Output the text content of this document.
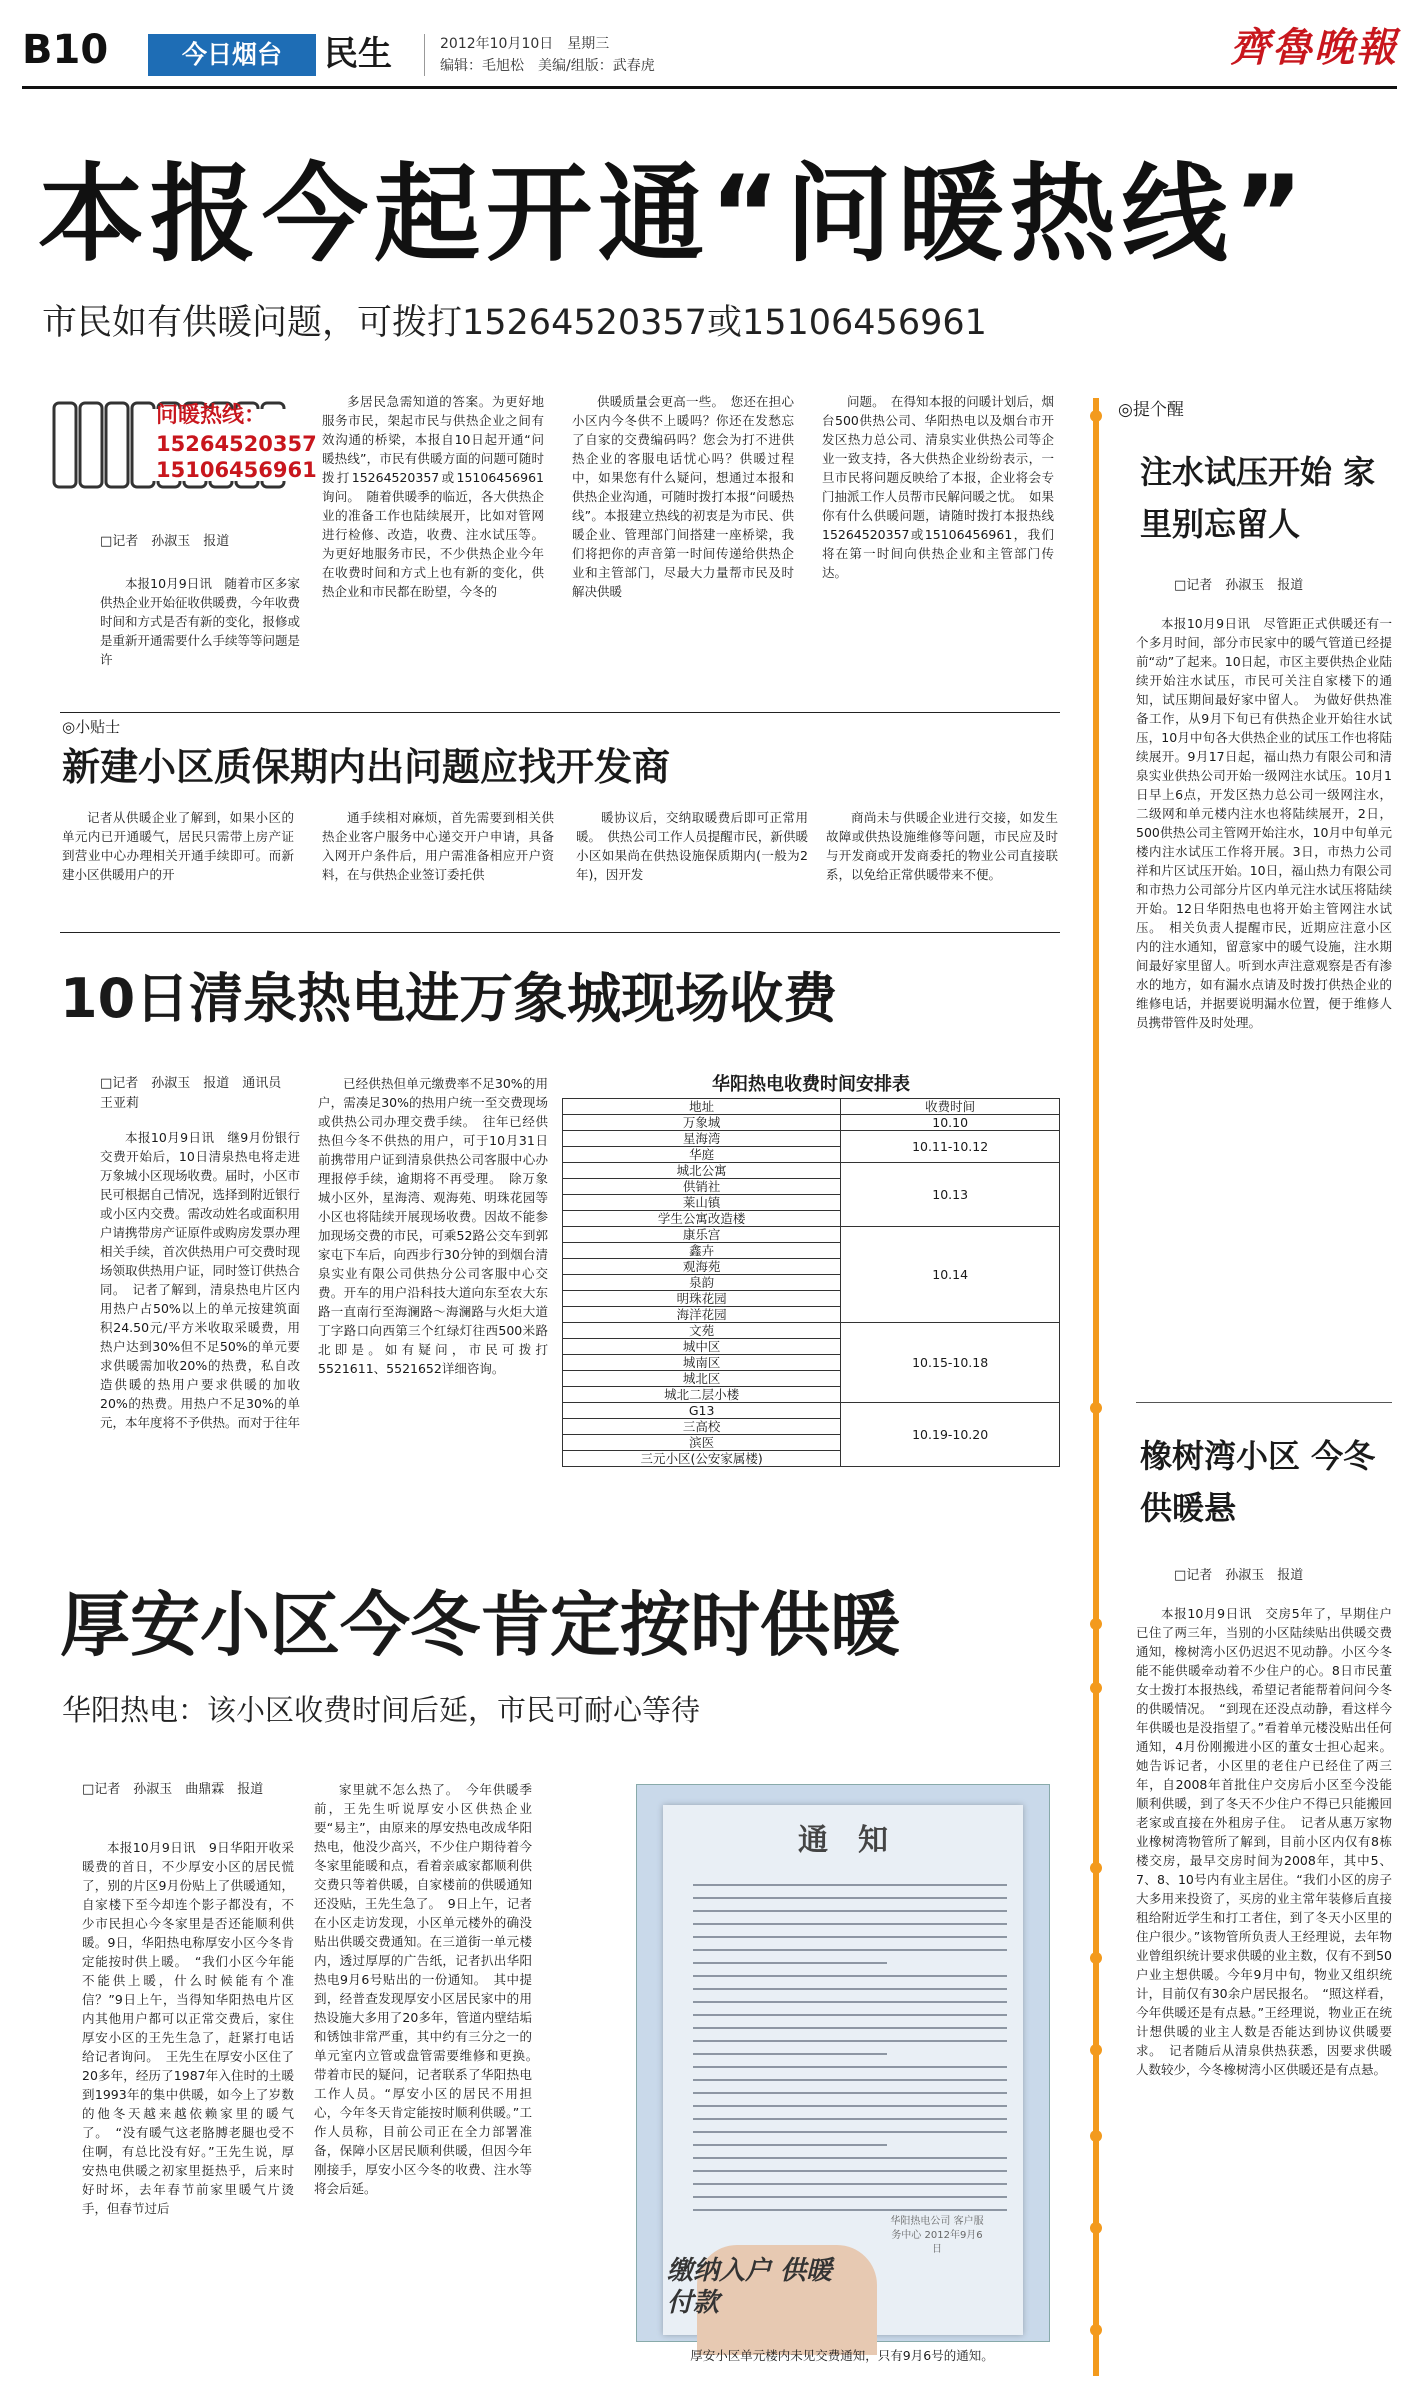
B10	今日烟台	民生	2012年10月10日　星期三
编辑：毛旭松　美编/组版：武春虎	齊魯晚報
本报今起开通“问暖热线”
市民如有供暖问题，可拨打15264520357或15106456961
问暖热线：
15264520357
15106456961
□记者　孙淑玉　报道

本报10月9日讯　随着市区多家供热企业开始征收供暖费，今年收费时间和方式是否有新的变化，报修或是重新开通需要什么手续等等问题是许

多居民急需知道的答案。为更好地服务市民，架起市民与供热企业之间有效沟通的桥梁，本报自10日起开通“问暖热线”，市民有供暖方面的问题可随时拨打15264520357或15106456961询问。　随着供暖季的临近，各大供热企业的准备工作也陆续展开，比如对管网进行检修、改造，收费、注水试压等。为更好地服务市民，不少供热企业今年在收费时间和方式上也有新的变化，供热企业和市民都在盼望，今冬的

供暖质量会更高一些。　您还在担心小区内今冬供不上暖吗？你还在发愁忘了自家的交费编码吗？您会为打不进供热企业的客服电话忧心吗？供暖过程中，如果您有什么疑问，想通过本报和供热企业沟通，可随时拨打本报“问暖热线”。本报建立热线的初衷是为市民、供暖企业、管理部门间搭建一座桥梁，我们将把你的声音第一时间传递给供热企业和主管部门，尽最大力量帮市民及时解决供暖

问题。　在得知本报的问暖计划后，烟台500供热公司、华阳热电以及烟台市开发区热力总公司、清泉实业供热公司等企业一致支持，各大供热企业纷纷表示，一旦市民将问题反映给了本报，企业将会专门抽派工作人员帮市民解问暖之忧。　如果你有什么供暖问题，请随时拨打本报热线15264520357或15106456961，我们将在第一时间向供热企业和主管部门传达。

◎小贴士
新建小区质保期内出问题应找开发商

记者从供暖企业了解到，如果小区的单元内已开通暖气，居民只需带上房产证到营业中心办理相关开通手续即可。而新建小区供暖用户的开

通手续相对麻烦，首先需要到相关供热企业客户服务中心递交开户申请，具备入网开户条件后，用户需准备相应开户资料，在与供热企业签订委托供

暖协议后，交纳取暖费后即可正常用暖。　供热公司工作人员提醒市民，新供暖小区如果尚在供热设施保质期内(一般为2年)，因开发

商尚未与供暖企业进行交接，如发生故障或供热设施维修等问题，市民应及时与开发商或开发商委托的物业公司直接联系，以免给正常供暖带来不便。

10日清泉热电进万象城现场收费
□记者　孙淑玉　报道　通讯员　王亚莉

本报10月9日讯　继9月份银行交费开始后，10日清泉热电将走进万象城小区现场收费。届时，小区市民可根据自己情况，选择到附近银行或小区内交费。需改动姓名或面积用户请携带房产证原件或购房发票办理相关手续，首次供热用户可交费时现场领取供热用户证，同时签订供热合同。　记者了解到，清泉热电片区内用热户占50%以上的单元按建筑面积24.50元/平方米收取采暖费，用热户达到30%但不足50%的单元要求供暖需加收20%的热费，私自改造供暖的热用户要求供暖的加收20%的热费。用热户不足30%的单元，本年度将不予供热。而对于往年

已经供热但单元缴费率不足30%的用户，需凑足30%的热用户统一至交费现场或供热公司办理交费手续。　往年已经供热但今冬不供热的用户，可于10月31日前携带用户证到清泉供热公司客服中心办理报停手续，逾期将不再受理。　除万象城小区外，星海湾、观海苑、明珠花园等小区也将陆续开展现场收费。因故不能参加现场交费的市民，可乘52路公交车到郭家屯下车后，向西步行30分钟的到烟台清泉实业有限公司供热分公司客服中心交费。开车的用户沿科技大道向东至农大东路一直南行至海澜路～海澜路与火炬大道丁字路口向西第三个红绿灯往西500米路北即是。如有疑问，市民可拨打5521611、5521652详细咨询。

华阳热电收费时间安排表
地址	收费时间
万象城	10.10
星海湾	10.11-10.12
华庭	
城北公寓	10.13
供销社	
莱山镇	
学生公寓改造楼	
康乐宫	10.14
鑫卉	
观海苑	
泉韵	
明珠花园	
海洋花园	
文苑	10.15-10.18
城中区	
城南区	
城北区	
城北二层小楼	
G13	10.19-10.20
三高校	
滨医	
三元小区(公安家属楼)	
厚安小区今冬肯定按时供暖
华阳热电：该小区收费时间后延，市民可耐心等待
□记者　孙淑玉　曲鼎霖　报道

本报10月9日讯　9日华阳开收采暖费的首日，不少厚安小区的居民慌了，别的片区9月份贴上了供暖通知，自家楼下至今却连个影子都没有，不少市民担心今冬家里是否还能顺利供暖。9日，华阳热电称厚安小区今冬肯定能按时供上暖。　“我们小区今年能不能供上暖，什么时候能有个准信？”9日上午，当得知华阳热电片区内其他用户都可以正常交费后，家住厚安小区的王先生急了，赶紧打电话给记者询问。　王先生在厚安小区住了20多年，经历了1987年入住时的土暖到1993年的集中供暖，如今上了岁数的他冬天越来越依赖家里的暖气了。　“没有暖气这老胳膊老腿也受不住啊，有总比没有好。”王先生说，厚安热电供暖之初家里挺热乎，后来时好时坏，去年春节前家里暖气片烫手，但春节过后

家里就不怎么热了。　今年供暖季前，王先生听说厚安小区供热企业要“易主”，由原来的厚安热电改成华阳热电，他没少高兴，不少住户期待着今冬家里能暖和点，看着亲戚家都顺利供交费只等着供暖，自家楼前的供暖通知还没贴，王先生急了。　9日上午，记者在小区走访发现，小区单元楼外的确没贴出供暖交费通知。在三道街一单元楼内，透过厚厚的广告纸，记者扒出华阳热电9月6号贴出的一份通知。　其中提到，经普查发现厚安小区居民家中的用热设施大多用了20多年，管道内壁结垢和锈蚀非常严重，其中约有三分之一的单元室内立管或盘管需要维修和更换。　带着市民的疑问，记者联系了华阳热电工作人员。“厚安小区的居民不用担心，今年冬天肯定能按时顺利供暖。”工作人员称，目前公司正在全力部署准备，保障小区居民顺利供暖，但因今年刚接手，厚安小区今冬的收费、注水等将会后延。

通　知
华阳热电公司 客户服务中心 2012年9月6日
缴纳入户 供暖付款
厚安小区单元楼内未见交费通知，只有9月6号的通知。
◎提个醒
注水试压开始 家里别忘留人
□记者　孙淑玉　报道

本报10月9日讯　尽管距正式供暖还有一个多月时间，部分市民家中的暖气管道已经提前“动”了起来。10日起，市区主要供热企业陆续开始注水试压，市民可关注自家楼下的通知，试压期间最好家中留人。　为做好供热准备工作，从9月下旬已有供热企业开始往水试压，10月中旬各大供热企业的试压工作也将陆续展开。9月17日起，福山热力有限公司和清泉实业供热公司开始一级网注水试压。10月1日早上6点，开发区热力总公司一级网注水，二级网和单元楼内注水也将陆续展开，2日，500供热公司主管网开始注水，10月中旬单元楼内注水试压工作将开展。3日，市热力公司祥和片区试压开始。10日，福山热力有限公司和市热力公司部分片区内单元注水试压将陆续开始。12日华阳热电也将开始主管网注水试压。　相关负责人提醒市民，近期应注意小区内的注水通知，留意家中的暖气设施，注水期间最好家里留人。听到水声注意观察是否有渗水的地方，如有漏水点请及时拨打供热企业的维修电话，并据要说明漏水位置，便于维修人员携带管件及时处理。

橡树湾小区 今冬供暖悬
□记者　孙淑玉　报道

本报10月9日讯　交房5年了，早期住户已住了两三年，当别的小区陆续贴出供暖交费通知，橡树湾小区仍迟迟不见动静。小区今冬能不能供暖牵动着不少住户的心。8日市民董女士拨打本报热线，希望记者能帮着问问今冬的供暖情况。　“到现在还没点动静，看这样今年供暖也是没指望了。”看着单元楼没贴出任何通知，4月份刚搬进小区的董女士担心起来。她告诉记者，小区里的老住户已经住了两三年，自2008年首批住户交房后小区至今没能顺利供暖，到了冬天不少住户不得已只能搬回老家或直接在外租房子住。　记者从惠万家物业橡树湾物管所了解到，目前小区内仅有8栋楼交房，最早交房时间为2008年，其中5、7、8、10号内有业主居住。“我们小区的房子大多用来投资了，买房的业主常年装修后直接租给附近学生和打工者住，到了冬天小区里的住户很少。”该物管所负责人王经理说，去年物业曾组织统计要求供暖的业主数，仅有不到50户业主想供暖。今年9月中旬，物业又组织统计，目前仅有30余户居民报名。　“照这样看，今年供暖还是有点悬。”王经理说，物业正在统计想供暖的业主人数是否能达到协议供暖要求。　记者随后从清泉供热获悉，因要求供暖人数较少，今冬橡树湾小区供暖还是有点悬。
